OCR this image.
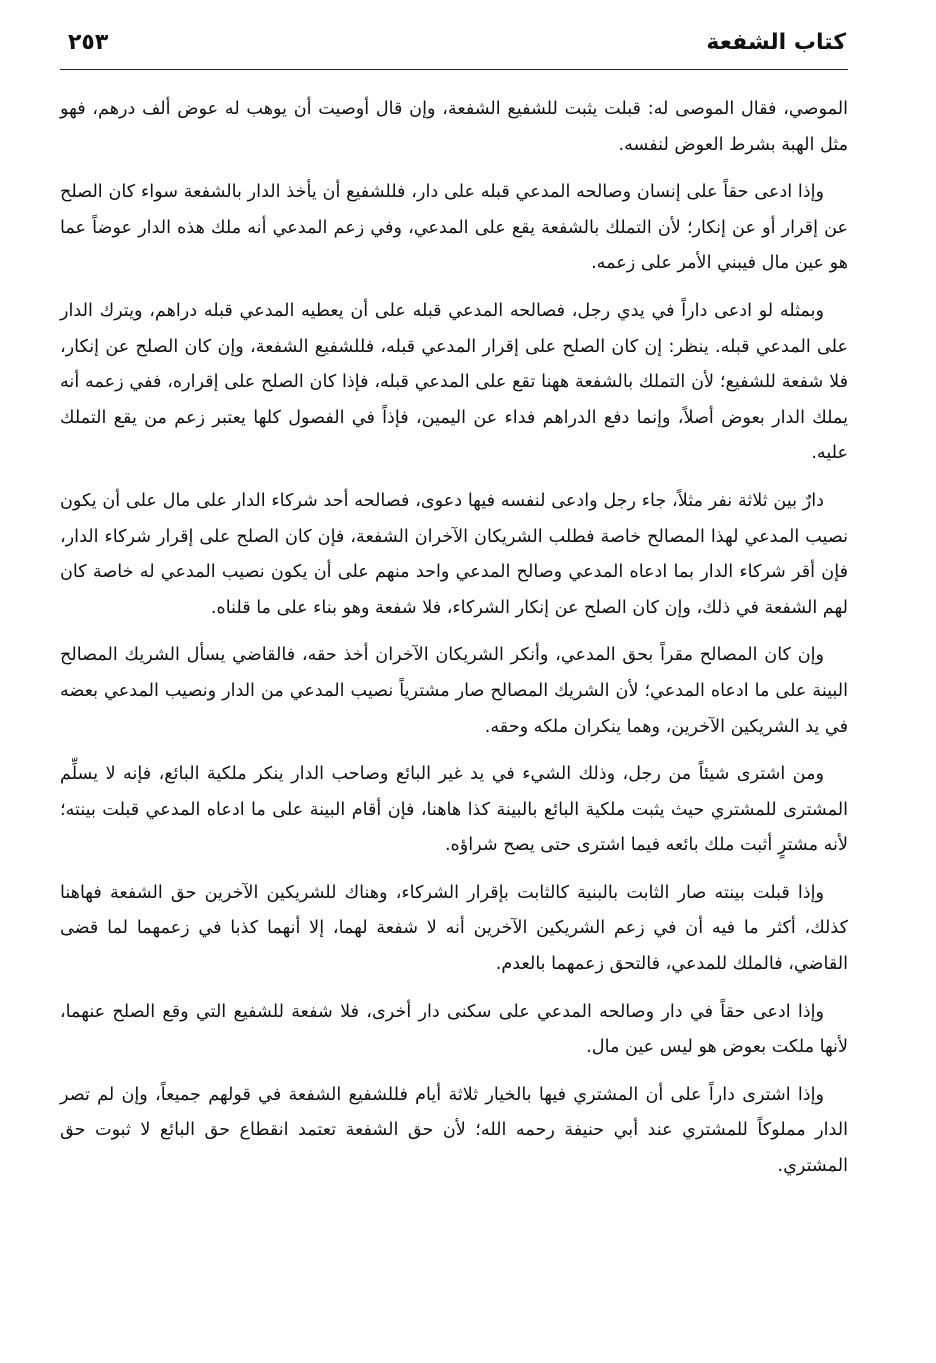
كتاب الشفعة
٢٥٣

الموصي، فقال الموصى له: قبلت يثبت للشفيع الشفعة، وإن قال أوصيت أن يوهب له عوض ألف درهم، فهو مثل الهبة بشرط العوض لنفسه.

وإذا ادعى حقاً على إنسان وصالحه المدعي قبله على دار، فللشفيع أن يأخذ الدار بالشفعة سواء كان الصلح عن إقرار أو عن إنكار؛ لأن التملك بالشفعة يقع على المدعي، وفي زعم المدعي أنه ملك هذه الدار عوضاً عما هو عين مال فيبني الأمر على زعمه.

وبمثله لو ادعى داراً في يدي رجل، فصالحه المدعي قبله على أن يعطيه المدعي قبله دراهم، ويترك الدار على المدعي قبله. ينظر: إن كان الصلح على إقرار المدعي قبله، فللشفيع الشفعة، وإن كان الصلح عن إنكار، فلا شفعة للشفيع؛ لأن التملك بالشفعة ههنا تقع على المدعي قبله، فإذا كان الصلح على إقراره، ففي زعمه أنه يملك الدار بعوض أصلاً، وإنما دفع الدراهم فداء عن اليمين، فإذاً في الفصول كلها يعتبر زعم من يقع التملك عليه.

دارٌ بين ثلاثة نفر مثلاً، جاء رجل وادعى لنفسه فيها دعوى، فصالحه أحد شركاء الدار على مال على أن يكون نصيب المدعي لهذا المصالح خاصة فطلب الشريكان الآخران الشفعة، فإن كان الصلح على إقرار شركاء الدار، فإن أقر شركاء الدار بما ادعاه المدعي وصالح المدعي واحد منهم على أن يكون نصيب المدعي له خاصة كان لهم الشفعة في ذلك، وإن كان الصلح عن إنكار الشركاء، فلا شفعة وهو بناء على ما قلناه.

وإن كان المصالح مقراً بحق المدعي، وأنكر الشريكان الآخران أخذ حقه، فالقاضي يسأل الشريك المصالح البينة على ما ادعاه المدعي؛ لأن الشريك المصالح صار مشترياً نصيب المدعي من الدار ونصيب المدعي بعضه في يد الشريكين الآخرين، وهما ينكران ملكه وحقه.

ومن اشترى شيئاً من رجل، وذلك الشيء في يد غير البائع وصاحب الدار ينكر ملكية البائع، فإنه لا يسلِّم المشترى للمشتري حيث يثبت ملكية البائع بالبينة كذا هاهنا، فإن أقام البينة على ما ادعاه المدعي قبلت بينته؛ لأنه مشترٍ أثبت ملك بائعه فيما اشترى حتى يصح شراؤه.

وإذا قبلت بينته صار الثابت بالبنية كالثابت بإقرار الشركاء، وهناك للشريكين الآخرين حق الشفعة فهاهنا كذلك، أكثر ما فيه أن في زعم الشريكين الآخرين أنه لا شفعة لهما، إلا أنهما كذبا في زعمهما لما قضى القاضي، فالملك للمدعي، فالتحق زعمهما بالعدم.

وإذا ادعى حقاً في دار وصالحه المدعي على سكنى دار أخرى، فلا شفعة للشفيع التي وقع الصلح عنهما، لأنها ملكت بعوض هو ليس عين مال.

وإذا اشترى داراً على أن المشتري فيها بالخيار ثلاثة أيام فللشفيع الشفعة في قولهم جميعاً، وإن لم تصر الدار مملوكاً للمشتري عند أبي حنيفة رحمه الله؛ لأن حق الشفعة تعتمد انقطاع حق البائع لا ثبوت حق المشتري.
